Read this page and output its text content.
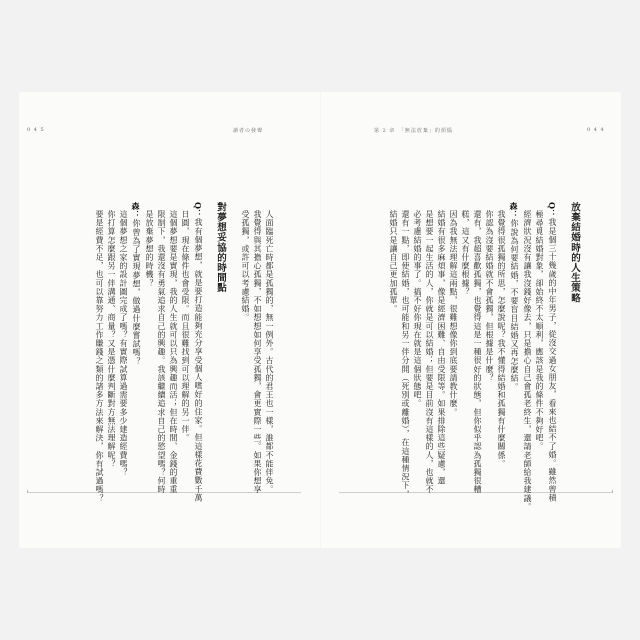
0 4 5	讀者の發聲	第 2 章　「無法放棄」的煩惱	0 4 4
放棄結婚時的人生策略
Q：我是個三十幾歲的中年男子，從沒交過女朋友，看來也結不了婚。雖然曾積
極尋覓結婚對象，卻始終不太順利，應該是我的條件不夠好吧。
經濟狀況沒有讓我沒錢好像去，只是擔心自己會孤老終生，還請老師給我建議。
森：你說為何要結婚，不要盲目結婚又再怎麼結。
我覺得很孤獨的所思，怎麼說呢？我不懂得結婚和孤獨有什麼關係。
你認為沒要結婚就不會孤獨，但根據是什麼？
還有，我超喜歡孤獨，也覺得這是一種很好的狀態，但你似乎認為孤獨很糟
糕，這又有什麼根據？
因為我無法理解這兩點，很難想像你到底要請教什麼。
結婚有很多麻煩事，像是經濟困難、自由受限等。如果排除這些疑慮，還
是想要一起生活的人，你就是可以結婚；但要是目前沒有這樣的人，也就不
必考慮結婚的事了。搞不好你現在就是這個狀態吧。
還有一點，即使結婚，也可能和另一伴分開（死別或離婚），在這種情況下，
結婚只是讓自己更加孤單。
人面臨死亡時都是孤獨的，無一例外。古代的君王也一樣，誰都不能伴免。
我覺得與其擔心孤獨，不如想想如何享受孤獨，會更實際一些。如果你想享
受孤獨，或許可以考慮結婚。
對夢想妥協的時間點
Q：我有個夢想，就是要打造能夠充分享受個人嗜好的住家。但這樣花費數千萬
日圓，現在條件也會受限。而且很難找到可以理解的另一伴。
這個夢想要是實現，我的人生就可以只為興趣而活；但在時間、金錢的重重
限制下，我還沒有勇氣追求自己的興趣。我該繼續追求自己的慾望嗎？何時
是放棄夢想的時機？
森：你曾為了實現夢想，做過什麼嘗試嗎？
這個夢想之家的設計圖完成了嗎？有實際試算過需要多少建造經費嗎？
你打算怎麼跟另一伴溝通、商量？又是憑什麼判斷對方無法理解呢？
要是經費不足，也可以靠努力工作賺錢之類的諸多方法來解決，你有試過嗎？
